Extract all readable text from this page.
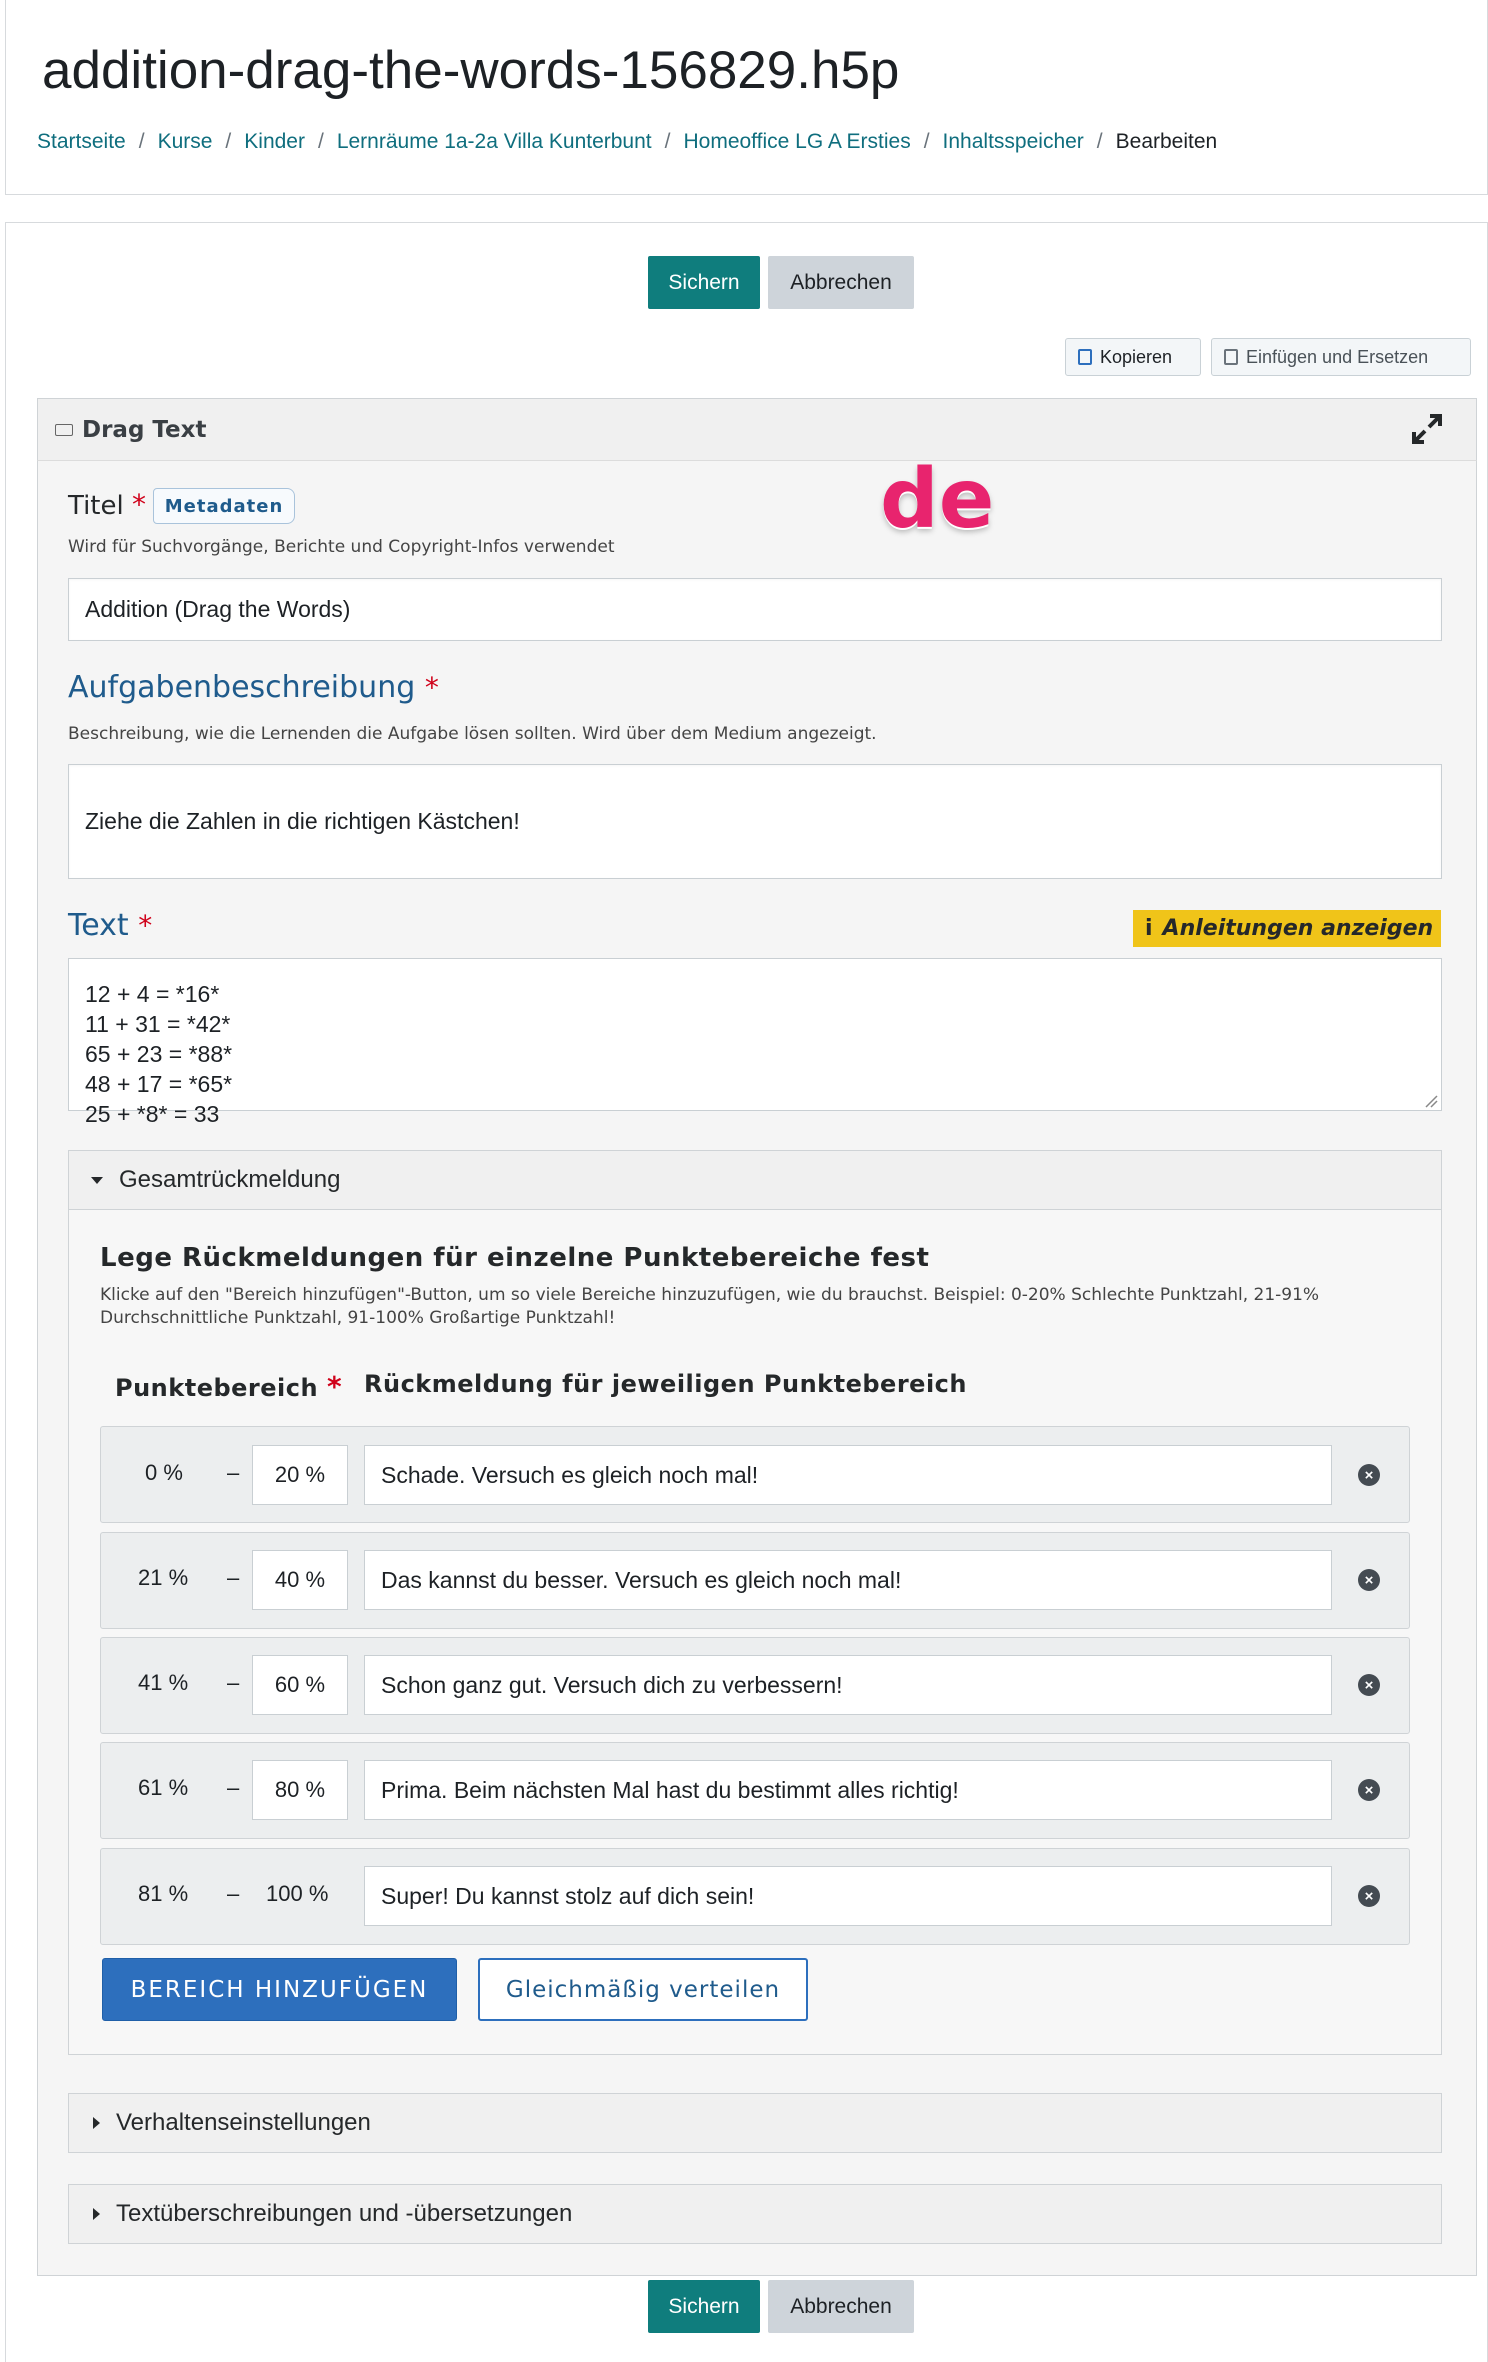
addition-drag-the-words-156829.h5p
Startseite / Kurse / Kinder / Lernräume 1a-2a Villa Kunterbunt / Homeoffice LG A Ersties / Inhaltsspeicher / Bearbeiten
Sichern	Abbrechen
Kopieren	Einfügen und Ersetzen
Drag Text
Titel *	Metadaten	de
Wird für Suchvorgänge, Berichte und Copyright-Infos verwendet
Addition (Drag the Words)
Aufgabenbeschreibung *
Beschreibung, wie die Lernenden die Aufgabe lösen sollten. Wird über dem Medium angezeigt.
Ziehe die Zahlen in die richtigen Kästchen!
Text *	i Anleitungen anzeigen
12 + 4 = *16*
11 + 31 = *42*
65 + 23 = *88*
48 + 17 = *65*
25 + *8* = 33
Gesamtrückmeldung
Lege Rückmeldungen für einzelne Punktebereiche fest
Klicke auf den "Bereich hinzufügen"-Button, um so viele Bereiche hinzuzufügen, wie du brauchst. Beispiel: 0-20% Schlechte Punktzahl, 21-91%
Durchschnittliche Punktzahl, 91-100% Großartige Punktzahl!
Punktebereich * Rückmeldung für jeweiligen Punktebereich
0 % –	20 %	Schade. Versuch es gleich noch mal!	×
21 % –	40 %	Das kannst du besser. Versuch es gleich noch mal!	×
41 % –	60 %	Schon ganz gut. Versuch dich zu verbessern!	×
61 % –	80 %	Prima. Beim nächsten Mal hast du bestimmt alles richtig!	×
81 % – 100 %	Super! Du kannst stolz auf dich sein!	×
BEREICH HINZUFÜGEN	Gleichmäßig verteilen
Verhaltenseinstellungen
Textüberschreibungen und -übersetzungen
Sichern	Abbrechen
